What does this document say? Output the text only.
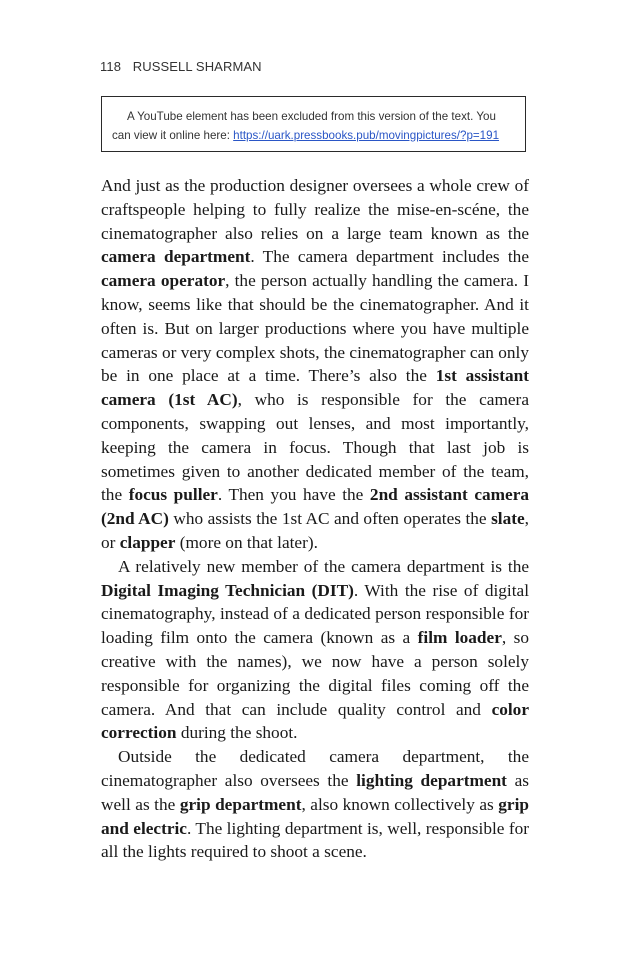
118 RUSSELL SHARMAN
A YouTube element has been excluded from this version of the text. You can view it online here: https://uark.pressbooks.pub/movingpictures/?p=191

And just as the production designer oversees a whole crew of craftspeople helping to fully realize the mise-en-scéne, the cinematographer also relies on a large team known as the camera department. The camera department includes the camera operator, the person actually handling the camera. I know, seems like that should be the cinematographer. And it often is. But on larger productions where you have multiple cameras or very complex shots, the cinematographer can only be in one place at a time. There’s also the 1st assistant camera (1st AC), who is responsible for the camera components, swapping out lenses, and most importantly, keeping the camera in focus. Though that last job is sometimes given to another dedicated member of the team, the focus puller. Then you have the 2nd assistant camera (2nd AC) who assists the 1st AC and often operates the slate, or clapper (more on that later).

A relatively new member of the camera department is the Digital Imaging Technician (DIT). With the rise of digital cinematography, instead of a dedicated person responsible for loading film onto the camera (known as a film loader, so creative with the names), we now have a person solely responsible for organizing the digital files coming off the camera. And that can include quality control and color correction during the shoot.

Outside the dedicated camera department, the cinematographer also oversees the lighting department as well as the grip department, also known collectively as grip and electric. The lighting department is, well, responsible for all the lights required to shoot a scene.
